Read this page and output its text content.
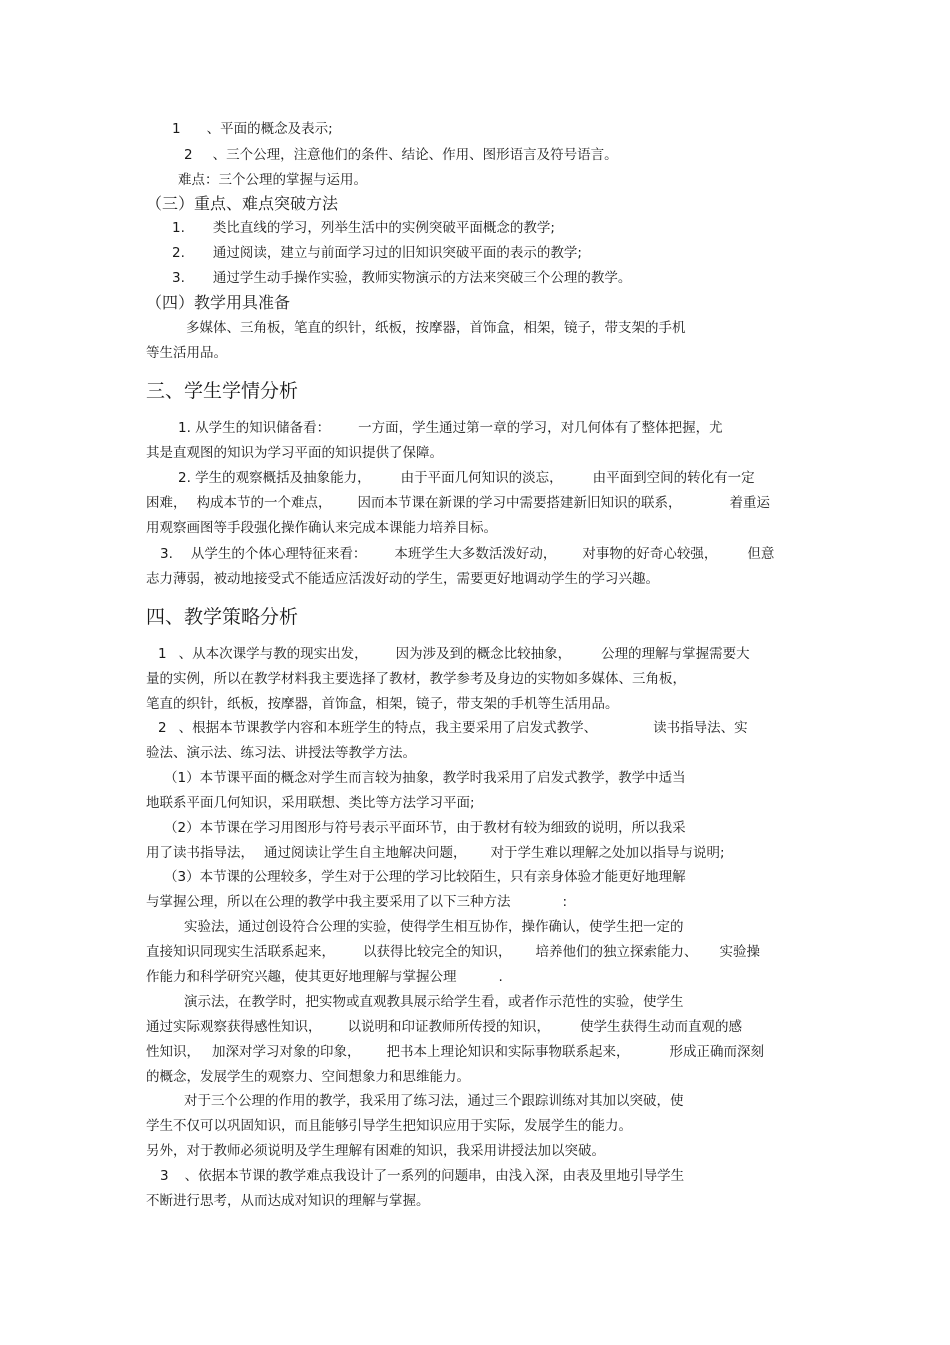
1 、平面的概念及表示;
2 、三个公理，注意他们的条件、结论、作用、图形语言及符号语言。
难点：三个公理的掌握与运用。
（三）重点、难点突破方法
1. 类比直线的学习，列举生活中的实例突破平面概念的教学;
2. 通过阅读，建立与前面学习过的旧知识突破平面的表示的教学;
3. 通过学生动手操作实验，教师实物演示的方法来突破三个公理的教学。
（四）教学用具准备
多媒体、三角板，笔直的织针，纸板，按摩器，首饰盒，相架，镜子，带支架的手机
等生活用品。
三、学生学情分析
1. 从学生的知识储备看： 一方面，学生通过第一章的学习，对几何体有了整体把握，尤
其是直观图的知识为学习平面的知识提供了保障。
2. 学生的观察概括及抽象能力， 由于平面几何知识的淡忘， 由平面到空间的转化有一定
困难， 构成本节的一个难点， 因而本节课在新课的学习中需要搭建新旧知识的联系，	着重运
用观察画图等手段强化操作确认来完成本课能力培养目标。
3. 从学生的个体心理特征来看： 本班学生大多数活泼好动， 对事物的好奇心较强， 但意
志力薄弱，被动地接受式不能适应活泼好动的学生，需要更好地调动学生的学习兴趣。
四、教学策略分析
1 、从本次课学与教的现实出发， 因为涉及到的概念比较抽象， 公理的理解与掌握需要大
量的实例，所以在教学材料我主要选择了教材，教学参考及身边的实物如多媒体、三角板，
笔直的织针，纸板，按摩器，首饰盒，相架，镜子，带支架的手机等生活用品。
2 、根据本节课教学内容和本班学生的特点，我主要采用了启发式教学、	读书指导法、实
验法、演示法、练习法、讲授法等教学方法。
（1）本节课平面的概念对学生而言较为抽象，教学时我采用了启发式教学，教学中适当
地联系平面几何知识，采用联想、类比等方法学习平面;
（2）本节课在学习用图形与符号表示平面环节，由于教材有较为细致的说明，所以我采
用了读书指导法， 通过阅读让学生自主地解决问题， 对于学生难以理解之处加以指导与说明;
（3）本节课的公理较多，学生对于公理的学习比较陌生，只有亲身体验才能更好地理解
与掌握公理，所以在公理的教学中我主要采用了以下三种方法	:
实验法，通过创设符合公理的实验，使得学生相互协作，操作确认，使学生把一定的
直接知识同现实生活联系起来， 以获得比较完全的知识， 培养他们的独立探索能力、 实验操
作能力和科学研究兴趣，使其更好地理解与掌握公理	.
演示法，在教学时，把实物或直观教具展示给学生看，或者作示范性的实验，使学生
通过实际观察获得感性知识， 以说明和印证教师所传授的知识， 使学生获得生动而直观的感
性知识， 加深对学习对象的印象， 把书本上理论知识和实际事物联系起来，	形成正确而深刻
的概念，发展学生的观察力、空间想象力和思维能力。
对于三个公理的作用的教学，我采用了练习法，通过三个跟踪训练对其加以突破，使
学生不仅可以巩固知识，而且能够引导学生把知识应用于实际，发展学生的能力。
另外，对于教师必须说明及学生理解有困难的知识，我采用讲授法加以突破。
3 、依据本节课的教学难点我设计了一系列的问题串，由浅入深，由表及里地引导学生
不断进行思考，从而达成对知识的理解与掌握。
